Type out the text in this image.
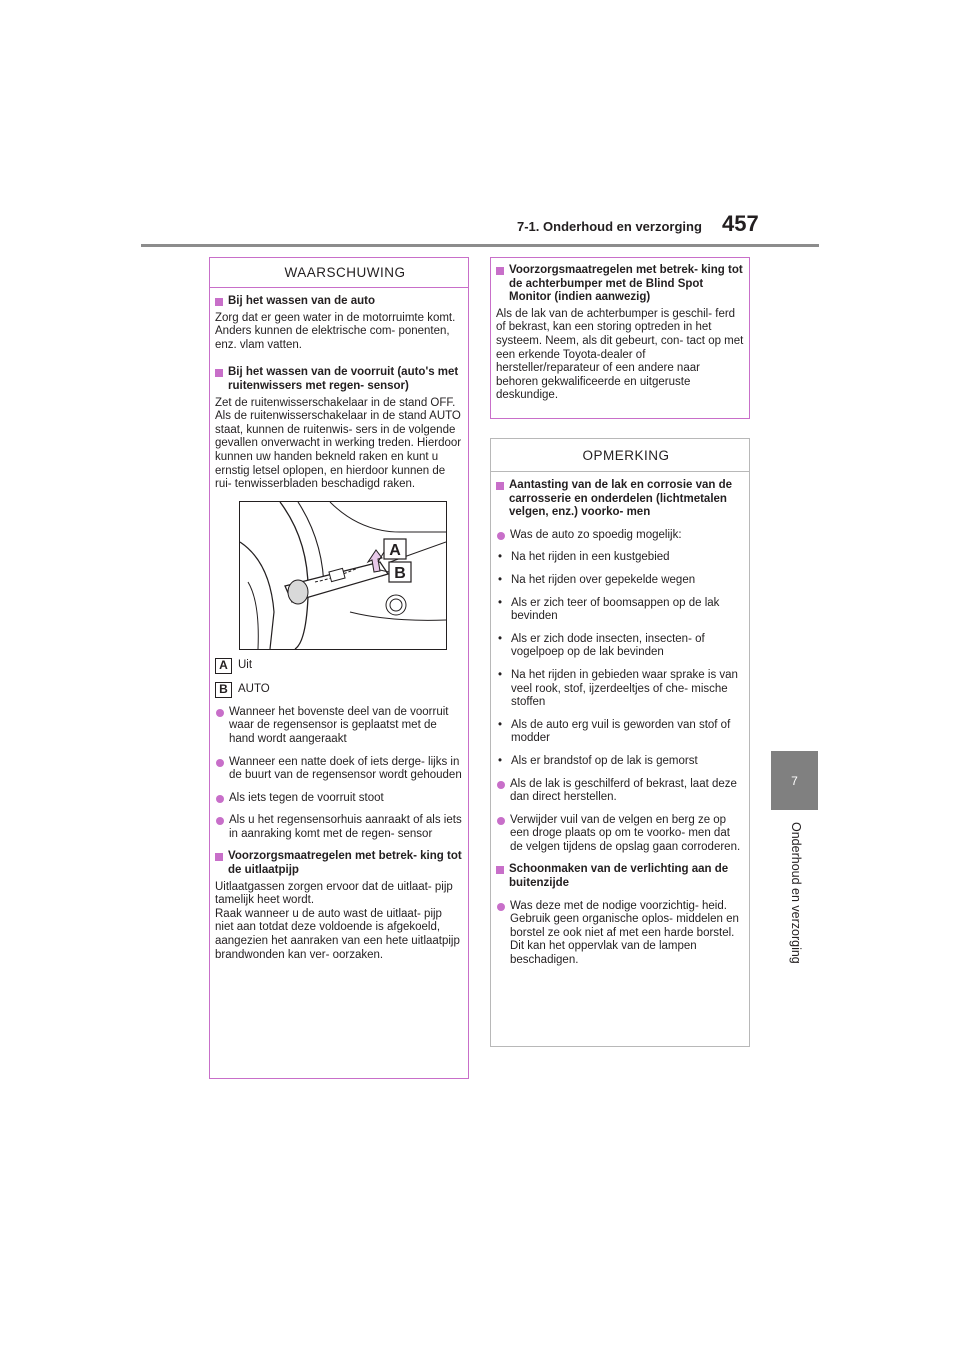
7-1. Onderhoud en verzorging 457
7
Onderhoud en verzorging
WAARSCHUWING
Bij het wassen van de auto
Zorg dat er geen water in de motorruimte komt. Anders kunnen de elektrische com- ponenten, enz. vlam vatten.
Bij het wassen van de voorruit (auto's met ruitenwissers met regen- sensor)
Zet de ruitenwisserschakelaar in de stand OFF. Als de ruitenwisserschakelaar in de stand AUTO staat, kunnen de ruitenwis- sers in de volgende gevallen onverwacht in werking treden. Hierdoor kunnen uw handen bekneld raken en kunt u ernstig letsel oplopen, en hierdoor kunnen de rui- tenwisserbladen beschadigd raken.
A
B
A Uit
B AUTO
Wanneer het bovenste deel van de voorruit waar de regensensor is geplaatst met de hand wordt aangeraakt
Wanneer een natte doek of iets derge- lijks in de buurt van de regensensor wordt gehouden
Als iets tegen de voorruit stoot
Als u het regensensorhuis aanraakt of als iets in aanraking komt met de regen- sensor
Voorzorgsmaatregelen met betrek- king tot de uitlaatpijp
Uitlaatgassen zorgen ervoor dat de uitlaat- pijp tamelijk heet wordt.
Raak wanneer u de auto wast de uitlaat- pijp niet aan totdat deze voldoende is afgekoeld, aangezien het aanraken van een hete uitlaatpijp brandwonden kan ver- oorzaken.
Voorzorgsmaatregelen met betrek- king tot de achterbumper met de Blind Spot Monitor (indien aanwezig)
Als de lak van de achterbumper is geschil- ferd of bekrast, kan een storing optreden in het systeem. Neem, als dit gebeurt, con- tact op met een erkende Toyota-dealer of hersteller/reparateur of een andere naar behoren gekwalificeerde en uitgeruste deskundige.
OPMERKING
Aantasting van de lak en corrosie van de carrosserie en onderdelen (lichtmetalen velgen, enz.) voorko- men
Was de auto zo spoedig mogelijk:
• Na het rijden in een kustgebied
• Na het rijden over gepekelde wegen
• Als er zich teer of boomsappen op de lak bevinden
• Als er zich dode insecten, insecten- of vogelpoep op de lak bevinden
• Na het rijden in gebieden waar sprake is van veel rook, stof, ijzerdeeltjes of che- mische stoffen
• Als de auto erg vuil is geworden van stof of modder
• Als er brandstof op de lak is gemorst
Als de lak is geschilferd of bekrast, laat deze dan direct herstellen.
Verwijder vuil van de velgen en berg ze op een droge plaats op om te voorko- men dat de velgen tijdens de opslag gaan corroderen.
Schoonmaken van de verlichting aan de buitenzijde
Was deze met de nodige voorzichtig- heid. Gebruik geen organische oplos- middelen en borstel ze ook niet af met een harde borstel.
Dit kan het oppervlak van de lampen beschadigen.
